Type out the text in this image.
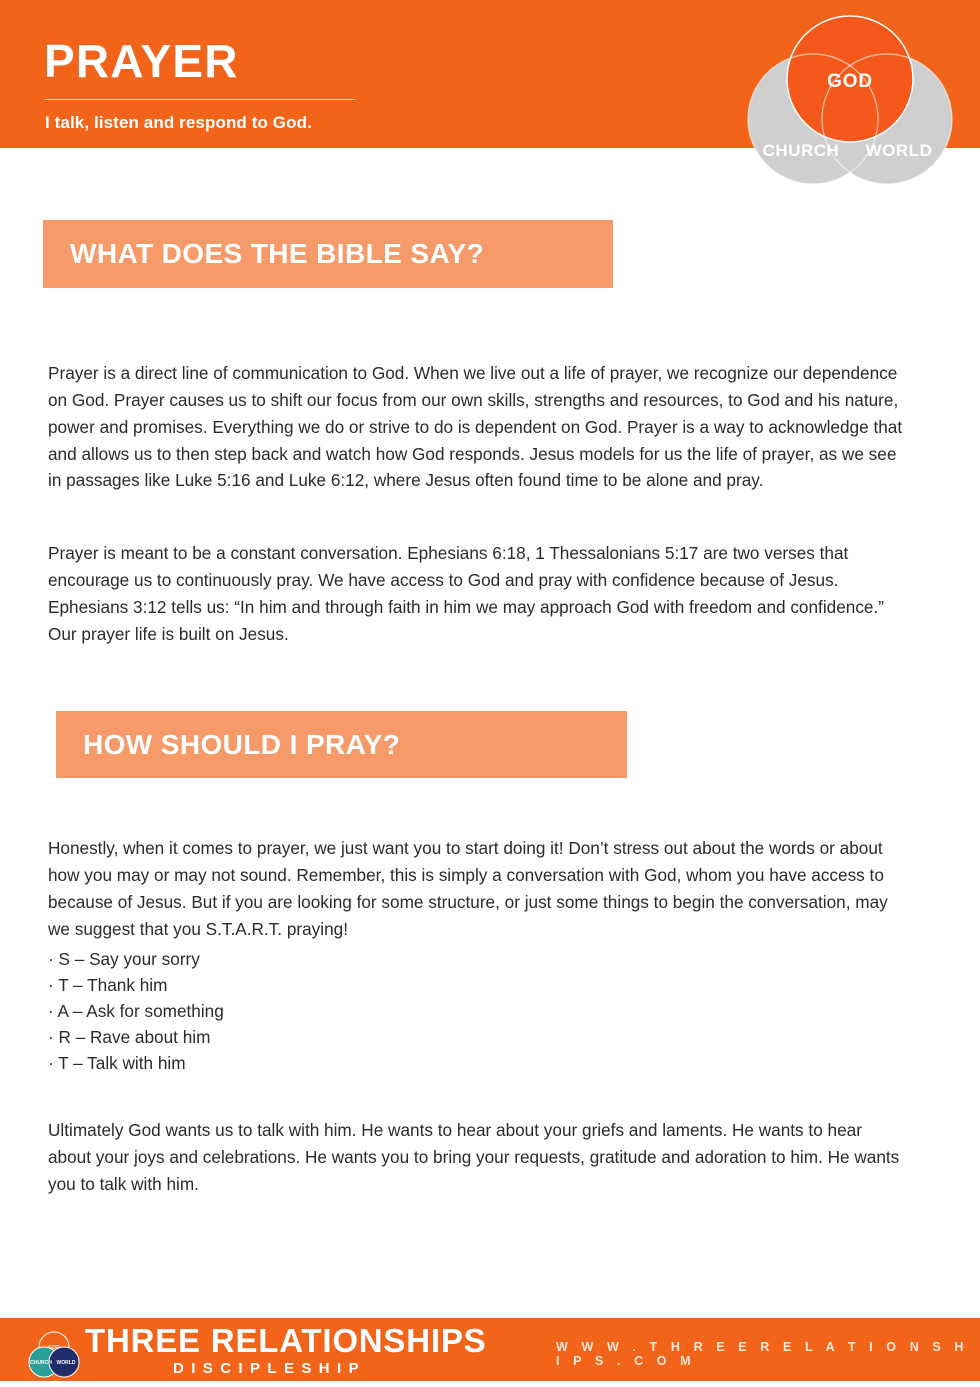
PRAYER

I talk, listen and respond to God.

GOD
CHURCH WORLD
WHAT DOES THE BIBLE SAY?

Prayer is a direct line of communication to God. When we live out a life of prayer, we recognize our dependence on God. Prayer causes us to shift our focus from our own skills, strengths and resources, to God and his nature, power and promises. Everything we do or strive to do is dependent on God. Prayer is a way to acknowledge that and allows us to then step back and watch how God responds. Jesus models for us the life of prayer, as we see in passages like Luke 5:16 and Luke 6:12, where Jesus often found time to be alone and pray.

Prayer is meant to be a constant conversation. Ephesians 6:18, 1 Thessalonians 5:17 are two verses that encourage us to continuously pray. We have access to God and pray with confidence because of Jesus. Ephesians 3:12 tells us: “In him and through faith in him we may approach God with freedom and confidence.” Our prayer life is built on Jesus.

HOW SHOULD I PRAY?

Honestly, when it comes to prayer, we just want you to start doing it! Don’t stress out about the words or about how you may or may not sound. Remember, this is simply a conversation with God, whom you have access to because of Jesus. But if you are looking for some structure, or just some things to begin the conversation, may we suggest that you S.T.A.R.T. praying!

· S – Say your sorry
· T – Thank him
· A – Ask for something
· R – Rave about him
· T – Talk with him

Ultimately God wants us to talk with him. He wants to hear about your griefs and laments. He wants to hear about your joys and celebrations. He wants you to bring your requests, gratitude and adoration to him. He wants you to talk with him.

GOD
CHURCH WORLD
THREE RELATIONSHIPS
DISCIPLESHIP
W W W . T H R E E R E L A T I O N S H I P S . C O M
